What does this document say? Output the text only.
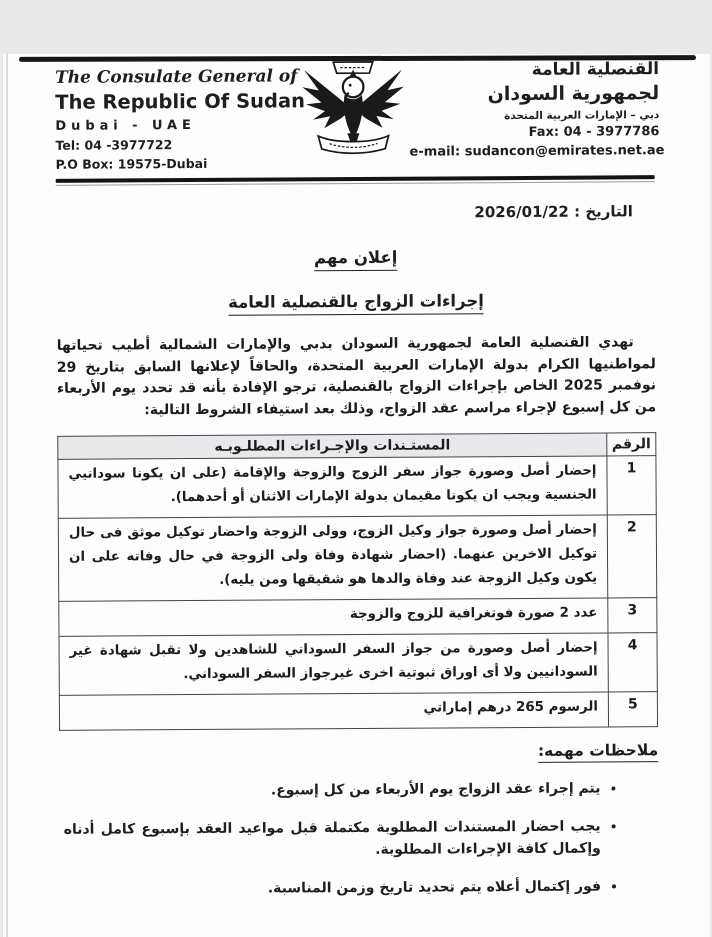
The Consulate General of
The Republic Of Sudan
Dubai - UAE
Tel: 04 -3977722
P.O Box: 19575-Dubai
القنصلية العامة
لجمهورية السودان
دبي – الإمارات العربية المتحدة
Fax: 04 - 3977786
e-mail: sudancon@emirates.net.ae
التاريخ : 2026/01/22
إعلان مهم
إجراءات الزواج بالقنصلية العامة

تهدي القنصلية العامة لجمهورية السودان بدبي والإمارات الشمالية أطيب تحياتها لمواطنيها الكرام بدولة الإمارات العربية المتحدة، والحاقاً لإعلانها السابق بتاريخ 29 نوفمبر 2025 الخاص بإجراءات الزواج بالقنصلية، ترجو الإفادة بأنه قد تحدد يوم الأربعاء من كل إسبوع لإجراء مراسم عقد الزواج، وذلك بعد استيفاء الشروط التالية:

الرقم	المستـندات والإجـراءات المطلـوبـه
1	إحضار أصل وصورة جواز سفر الزوج والزوجة والإقامة (على ان يكونا سودانيي الجنسية ويجب ان يكونا مقيمان بدولة الإمارات الاثنان أو أحدهما).
2	إحضار أصل وصورة جواز وكيل الزوج، وولى الزوجة واحضار توكيل موثق فى حال توكيل الاخرين عنهما. (احضار شهادة وفاة ولى الزوجة في حال وفاته على ان يكون وكيل الزوجة عند وفاة والدها هو شقيقها ومن يليه).
3	عدد 2 صورة فوتغرافية للزوج والزوجة
4	إحضار أصل وصورة من جواز السفر السوداني للشاهدين ولا تقبل شهادة غير السودانيين ولا أى اوراق ثبوتية اخرى غيرجواز السفر السوداني.
5	الرسوم 265 درهم إماراتي
ملاحظات مهمه:
• يتم إجراء عقد الزواج يوم الأربعاء من كل إسبوع.
• يجب احضار المستندات المطلوبة مكتملة قبل مواعيد العقد بإسبوع كامل أدناه وإكمال كافة الإجراءات المطلوبة.
• فور إكتمال أعلاه يتم تحديد تاريخ وزمن المناسبة.
